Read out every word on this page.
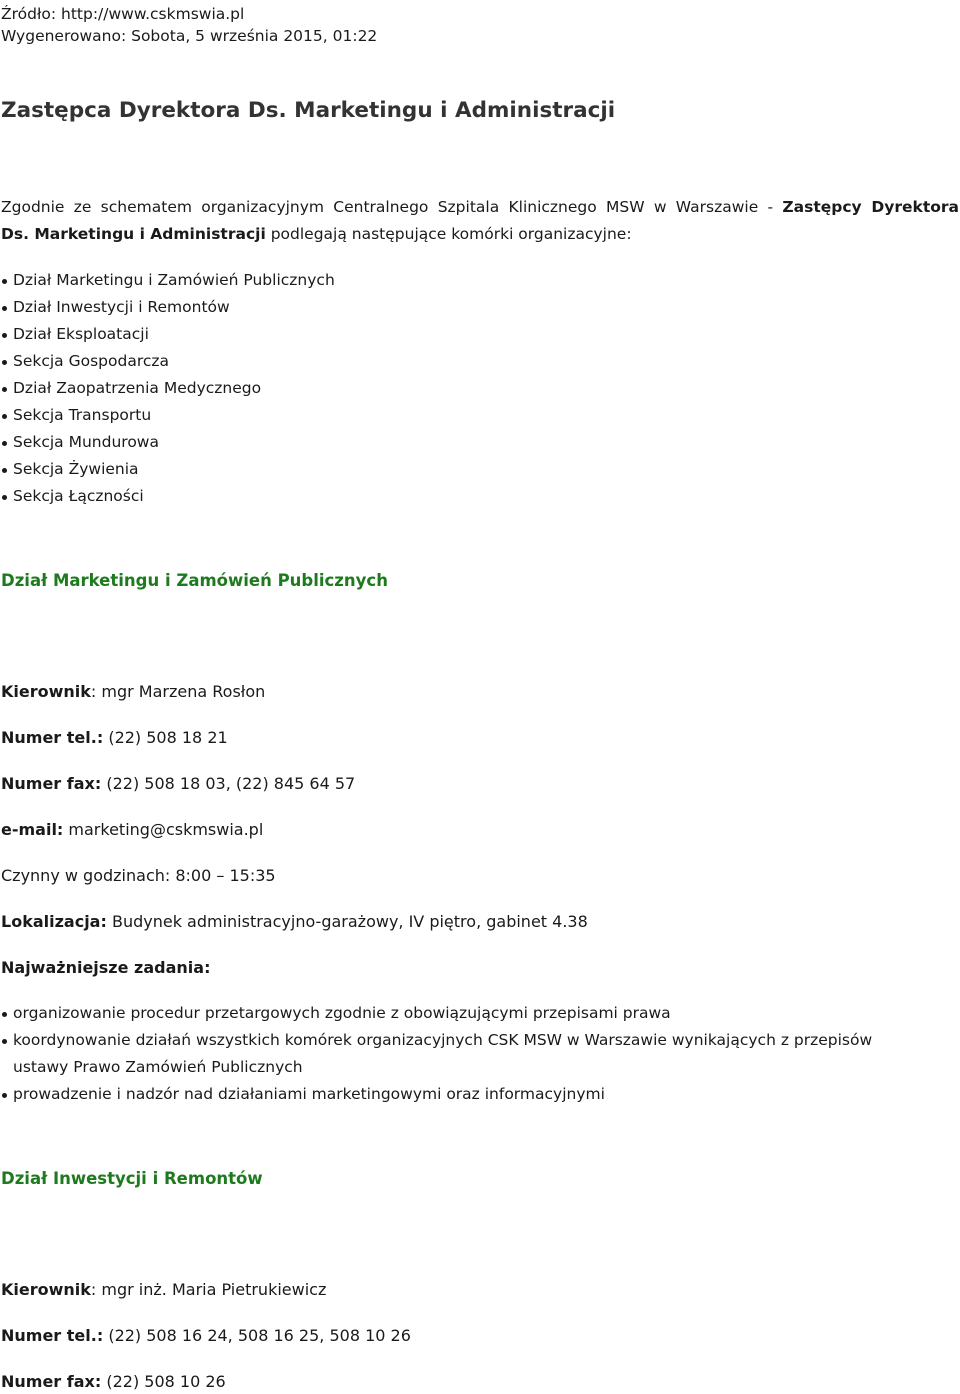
Źródło: http://www.cskmswia.pl
Wygenerowano: Sobota, 5 września 2015, 01:22
Zastępca Dyrektora Ds. Marketingu i Administracji
Zgodnie ze schematem organizacyjnym Centralnego Szpitala Klinicznego MSW w Warszawie - Zastępcy Dyrektora
Ds. Marketingu i Administracji podlegają następujące komórki organizacyjne:
Dział Marketingu i Zamówień Publicznych
Dział Inwestycji i Remontów
Dział Eksploatacji
Sekcja Gospodarcza
Dział Zaopatrzenia Medycznego
Sekcja Transportu
Sekcja Mundurowa
Sekcja Żywienia
Sekcja Łączności
Dział Marketingu i Zamówień Publicznych
Kierownik: mgr Marzena Rosłon
Numer tel.: (22) 508 18 21
Numer fax: (22) 508 18 03, (22) 845 64 57
e-mail: marketing@cskmswia.pl
Czynny w godzinach: 8:00 – 15:35
Lokalizacja: Budynek administracyjno-garażowy, IV piętro, gabinet 4.38
Najważniejsze zadania:
organizowanie procedur przetargowych zgodnie z obowiązującymi przepisami prawa
koordynowanie działań wszystkich komórek organizacyjnych CSK MSW w Warszawie wynikających z przepisów ustawy Prawo Zamówień Publicznych
prowadzenie i nadzór nad działaniami marketingowymi oraz informacyjnymi
Dział Inwestycji i Remontów
Kierownik: mgr inż. Maria Pietrukiewicz
Numer tel.: (22) 508 16 24, 508 16 25, 508 10 26
Numer fax: (22) 508 10 26
